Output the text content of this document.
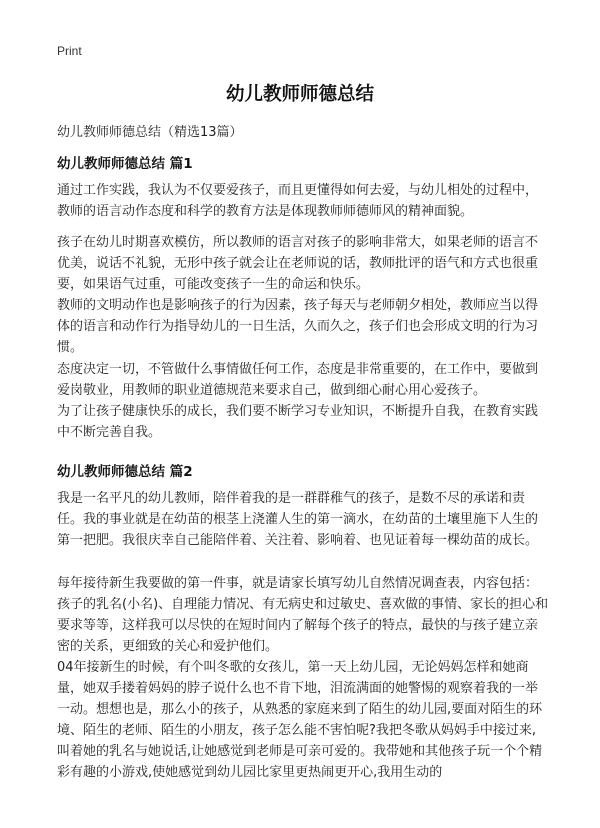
Print
幼儿教师师德总结
幼儿教师师德总结（精选13篇）
幼儿教师师德总结 篇1

通过工作实践，我认为不仅要爱孩子，而且更懂得如何去爱，与幼儿相处的过程中，教师的语言动作态度和科学的教育方法是体现教师师德师风的精神面貌。

孩子在幼儿时期喜欢模仿，所以教师的语言对孩子的影响非常大，如果老师的语言不优美，说话不礼貌，无形中孩子就会让在老师说的话，教师批评的语气和方式也很重要，如果语气过重，可能改变孩子一生的命运和快乐。

教师的文明动作也是影响孩子的行为因素，孩子每天与老师朝夕相处，教师应当以得体的语言和动作行为指导幼儿的一日生活，久而久之，孩子们也会形成文明的行为习惯。

态度决定一切，不管做什么事情做任何工作，态度是非常重要的，在工作中，要做到爱岗敬业，用教师的职业道德规范来要求自己，做到细心耐心用心爱孩子。

为了让孩子健康快乐的成长，我们要不断学习专业知识，不断提升自我，在教育实践中不断完善自我。

幼儿教师师德总结 篇2

我是一名平凡的幼儿教师，陪伴着我的是一群群稚气的孩子，是数不尽的承诺和责任。我的事业就是在幼苗的根茎上浇灌人生的第一滴水，在幼苗的土壤里施下人生的第一把肥。我很庆幸自己能陪伴着、关注着、影响着、也见证着每一棵幼苗的成长。

每年接待新生我要做的第一件事，就是请家长填写幼儿自然情况调查表，内容包括：孩子的乳名(小名)、自理能力情况、有无病史和过敏史、喜欢做的事情、家长的担心和要求等等，这样我可以尽快的在短时间内了解每个孩子的特点，最快的与孩子建立亲密的关系，更细致的关心和爱护他们。

04年接新生的时候，有个叫冬歌的女孩儿，第一天上幼儿园，无论妈妈怎样和她商量，她双手搂着妈妈的脖子说什么也不肯下地，泪流满面的她警惕的观察着我的一举一动。想想也是，那么小的孩子，从熟悉的家庭来到了陌生的幼儿园,要面对陌生的环境、陌生的老师、陌生的小朋友，孩子怎么能不害怕呢?我把冬歌从妈妈手中接过来,叫着她的乳名与她说话,让她感觉到老师是可亲可爱的。我带她和其他孩子玩一个个精彩有趣的小游戏,使她感觉到幼儿园比家里更热闹更开心,我用生动的
